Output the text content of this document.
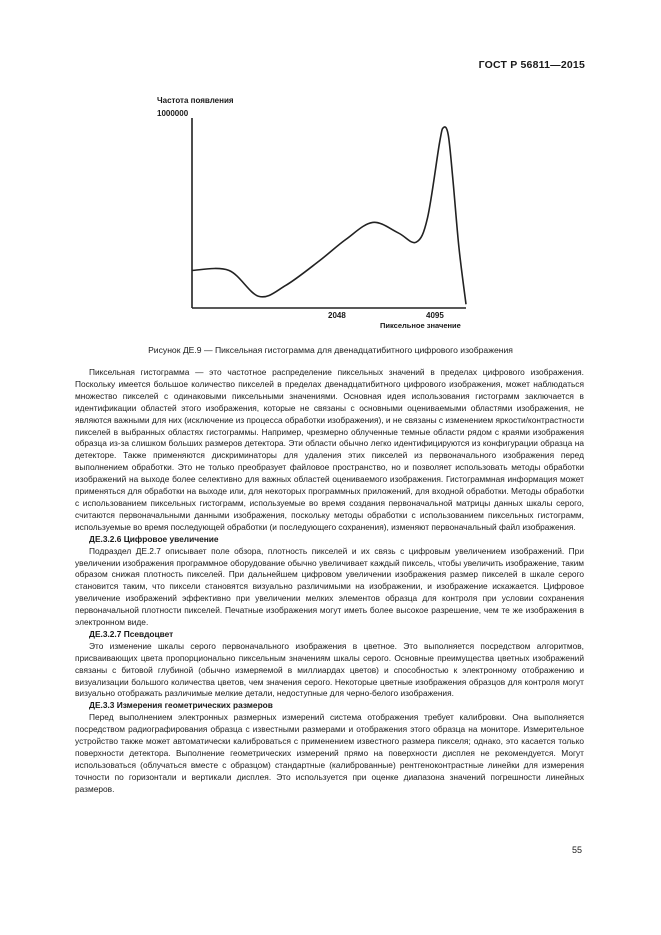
ГОСТ Р 56811—2015
Частота появления
1000000
2048	4095
Пиксельное значение
Рисунок ДЕ.9 — Пиксельная гистограмма для двенадцатибитного цифрового изображения

Пиксельная гистограмма — это частотное распределение пиксельных значений в пределах цифрового изображения. Поскольку имеется большое количество пикселей в пределах двенадцатибитного цифрового изображения, может наблюдаться множество пикселей с одинаковыми пиксельными значениями. Основная идея использования гистограмм заключается в идентификации областей этого изображения, которые не связаны с основными оцениваемыми областями изображения, не являются важными для них (исключение из процесса обработки изображения), и не связаны с изменением яркости/контрастности пикселей в выбранных областях гистограммы. Например, чрезмерно облученные темные области рядом с краями изображения образца из-за слишком больших размеров детектора. Эти области обычно легко идентифицируются из конфигурации образца на детекторе. Также применяются дискриминаторы для удаления этих пикселей из первоначального изображения перед выполнением обработки. Это не только преобразует файловое пространство, но и позволяет использовать методы обработки изображений на выходе более селективно для важных областей оцениваемого изображения. Гистограммная информация может применяться для обработки на выходе или, для некоторых программных приложений, для входной обработки. Методы обработки с использованием пиксельных гистограмм, используемые во время создания первоначальной матрицы данных шкалы серого, считаются первоначальными данными изображения, поскольку методы обработки с использованием пиксельных гистограмм, используемые во время последующей обработки (и последующего сохранения), изменяют первоначальный файл изображения.

ДЕ.3.2.6 Цифровое увеличение

Подраздел ДЕ.2.7 описывает поле обзора, плотность пикселей и их связь с цифровым увеличением изображений. При увеличении изображения программное оборудование обычно увеличивает каждый пиксель, чтобы увеличить изображение, таким образом снижая плотность пикселей. При дальнейшем цифровом увеличении изображения размер пикселей в шкале серого становится таким, что пиксели становятся визуально различимыми на изображении, и изображение искажается. Цифровое увеличение изображений эффективно при увеличении мелких элементов образца для контроля при условии сохранения первоначальной плотности пикселей. Печатные изображения могут иметь более высокое разрешение, чем те же изображения в электронном виде.

ДЕ.3.2.7 Псевдоцвет

Это изменение шкалы серого первоначального изображения в цветное. Это выполняется посредством алгоритмов, присваивающих цвета пропорционально пиксельным значениям шкалы серого. Основные преимущества цветных изображений связаны с битовой глубиной (обычно измеряемой в миллиардах цветов) и способностью к электронному отображению и визуализации большого количества цветов, чем значения серого. Некоторые цветные изображения образцов для контроля могут визуально отображать различимые мелкие детали, недоступные для черно-белого изображения.

ДЕ.3.3 Измерения геометрических размеров

Перед выполнением электронных размерных измерений система отображения требует калибровки. Она выполняется посредством радиографирования образца с известными размерами и отображения этого образца на мониторе. Измерительное устройство также может автоматически калиброваться с применением известного размера пикселя; однако, это касается только поверхности детектора. Выполнение геометрических измерений прямо на поверхности дисплея не рекомендуется. Могут использоваться (облучаться вместе с образцом) стандартные (калиброванные) рентгеноконтрастные линейки для измерения точности по горизонтали и вертикали дисплея. Это используется при оценке диапазона значений погрешности линейных размеров.

55
